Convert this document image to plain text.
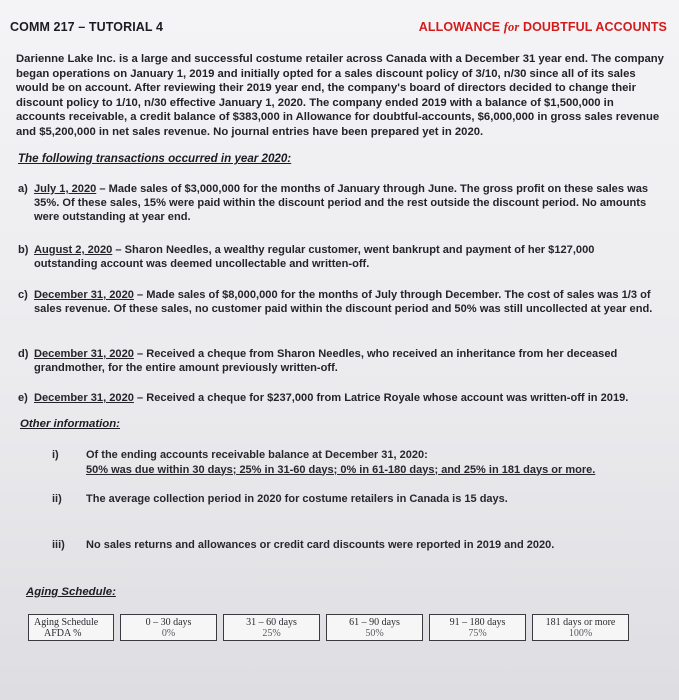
COMM 217 – TUTORIAL 4	ALLOWANCE for DOUBTFUL ACCOUNTS
Darienne Lake Inc. is a large and successful costume retailer across Canada with a December 31 year end. The company began operations on January 1, 2019 and initially opted for a sales discount policy of 3/10, n/30 since all of its sales would be on account. After reviewing their 2019 year end, the company's board of directors decided to change their discount policy to 1/10, n/30 effective January 1, 2020. The company ended 2019 with a balance of $1,500,000 in accounts receivable, a credit balance of $383,000 in Allowance for doubtful-accounts, $6,000,000 in gross sales revenue and $5,200,000 in net sales revenue. No journal entries have been prepared yet in 2020.
The following transactions occurred in year 2020:
a) July 1, 2020 – Made sales of $3,000,000 for the months of January through June. The gross profit on these sales was 35%. Of these sales, 15% were paid within the discount period and the rest outside the discount period. No amounts were outstanding at year end.
b) August 2, 2020 – Sharon Needles, a wealthy regular customer, went bankrupt and payment of her $127,000 outstanding account was deemed uncollectable and written-off.
c) December 31, 2020 – Made sales of $8,000,000 for the months of July through December. The cost of sales was 1/3 of sales revenue. Of these sales, no customer paid within the discount period and 50% was still uncollected at year end.
d) December 31, 2020 – Received a cheque from Sharon Needles, who received an inheritance from her deceased grandmother, for the entire amount previously written-off.
e) December 31, 2020 – Received a cheque for $237,000 from Latrice Royale whose account was written-off in 2019.
Other information:
i) Of the ending accounts receivable balance at December 31, 2020:
50% was due within 30 days; 25% in 31-60 days; 0% in 61-180 days; and 25% in 181 days or more.
ii) The average collection period in 2020 for costume retailers in Canada is 15 days.
iii) No sales returns and allowances or credit card discounts were reported in 2019 and 2020.
Aging Schedule:
Aging Schedule
AFDA %
0 – 30 days
0%
31 – 60 days
25%
61 – 90 days
50%
91 – 180 days
75%
181 days or more
100%
